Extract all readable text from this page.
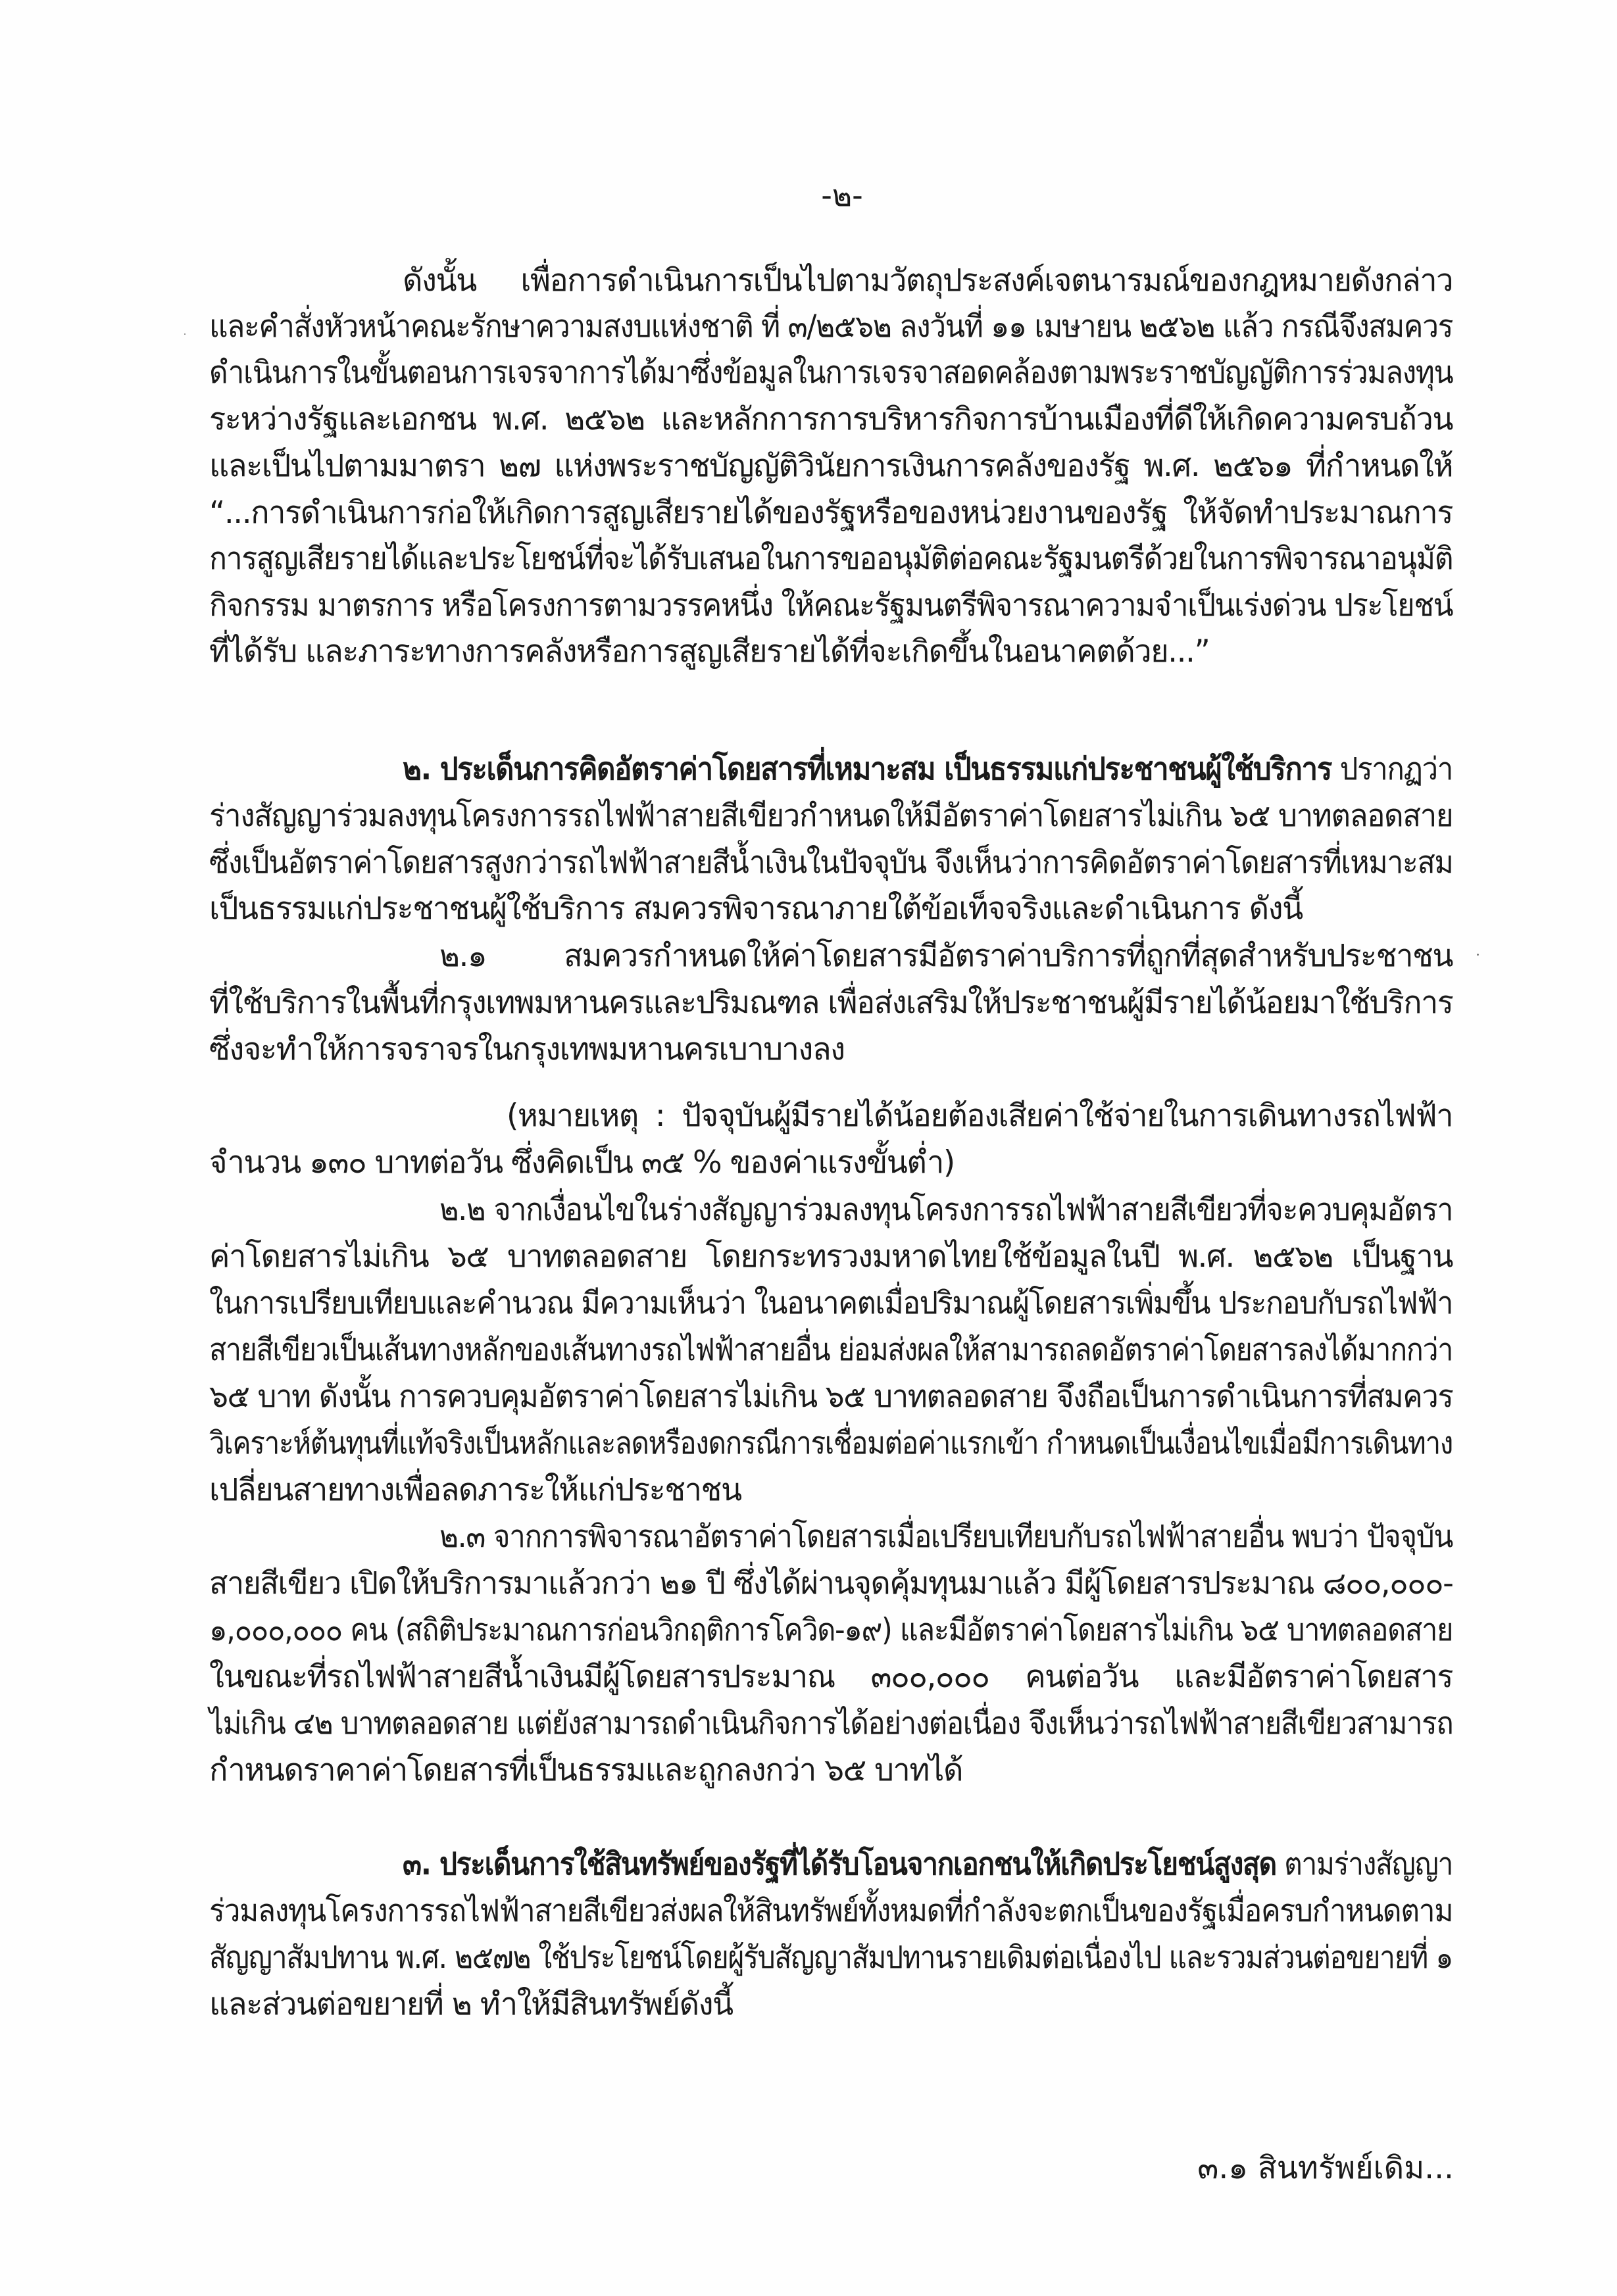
-๒-
ดังนั้น เพื่อการดำเนินการเป็นไปตามวัตถุประสงค์เจตนารมณ์ของกฎหมายดังกล่าว
และคำสั่งหัวหน้าคณะรักษาความสงบแห่งชาติ ที่ ๓/๒๕๖๒ ลงวันที่ ๑๑ เมษายน ๒๕๖๒ แล้ว กรณีจึงสมควร
ดำเนินการในขั้นตอนการเจรจาการได้มาซึ่งข้อมูลในการเจรจาสอดคล้องตามพระราชบัญญัติการร่วมลงทุน
ระหว่างรัฐและเอกชน พ.ศ. ๒๕๖๒ และหลักการการบริหารกิจการบ้านเมืองที่ดีให้เกิดความครบถ้วน
และเป็นไปตามมาตรา ๒๗ แห่งพระราชบัญญัติวินัยการเงินการคลังของรัฐ พ.ศ. ๒๕๖๑ ที่กำหนดให้
“...การดำเนินการก่อให้เกิดการสูญเสียรายได้ของรัฐหรือของหน่วยงานของรัฐ ให้จัดทำประมาณการ
การสูญเสียรายได้และประโยชน์ที่จะได้รับเสนอในการขออนุมัติต่อคณะรัฐมนตรีด้วยในการพิจารณาอนุมัติ
กิจกรรม มาตรการ หรือโครงการตามวรรคหนึ่ง ให้คณะรัฐมนตรีพิจารณาความจำเป็นเร่งด่วน ประโยชน์
ที่ได้รับ และภาระทางการคลังหรือการสูญเสียรายได้ที่จะเกิดขึ้นในอนาคตด้วย...”
๒. ประเด็นการคิดอัตราค่าโดยสารที่เหมาะสม เป็นธรรมแก่ประชาชนผู้ใช้บริการ ปรากฏว่า
ร่างสัญญาร่วมลงทุนโครงการรถไฟฟ้าสายสีเขียวกำหนดให้มีอัตราค่าโดยสารไม่เกิน ๖๕ บาทตลอดสาย
ซึ่งเป็นอัตราค่าโดยสารสูงกว่ารถไฟฟ้าสายสีน้ำเงินในปัจจุบัน จึงเห็นว่าการคิดอัตราค่าโดยสารที่เหมาะสม
เป็นธรรมแก่ประชาชนผู้ใช้บริการ สมควรพิจารณาภายใต้ข้อเท็จจริงและดำเนินการ ดังนี้
๒.๑ สมควรกำหนดให้ค่าโดยสารมีอัตราค่าบริการที่ถูกที่สุดสำหรับประชาชน
ที่ใช้บริการในพื้นที่กรุงเทพมหานครและปริมณฑล เพื่อส่งเสริมให้ประชาชนผู้มีรายได้น้อยมาใช้บริการ
ซึ่งจะทำให้การจราจรในกรุงเทพมหานครเบาบางลง
(หมายเหตุ : ปัจจุบันผู้มีรายได้น้อยต้องเสียค่าใช้จ่ายในการเดินทางรถไฟฟ้า
จำนวน ๑๓๐ บาทต่อวัน ซึ่งคิดเป็น ๓๕ % ของค่าแรงขั้นต่ำ)
๒.๒ จากเงื่อนไขในร่างสัญญาร่วมลงทุนโครงการรถไฟฟ้าสายสีเขียวที่จะควบคุมอัตรา
ค่าโดยสารไม่เกิน ๖๕ บาทตลอดสาย โดยกระทรวงมหาดไทยใช้ข้อมูลในปี พ.ศ. ๒๕๖๒ เป็นฐาน
ในการเปรียบเทียบและคำนวณ มีความเห็นว่า ในอนาคตเมื่อปริมาณผู้โดยสารเพิ่มขึ้น ประกอบกับรถไฟฟ้า
สายสีเขียวเป็นเส้นทางหลักของเส้นทางรถไฟฟ้าสายอื่น ย่อมส่งผลให้สามารถลดอัตราค่าโดยสารลงได้มากกว่า
๖๕ บาท ดังนั้น การควบคุมอัตราค่าโดยสารไม่เกิน ๖๕ บาทตลอดสาย จึงถือเป็นการดำเนินการที่สมควร
วิเคราะห์ต้นทุนที่แท้จริงเป็นหลักและลดหรืองดกรณีการเชื่อมต่อค่าแรกเข้า กำหนดเป็นเงื่อนไขเมื่อมีการเดินทาง
เปลี่ยนสายทางเพื่อลดภาระให้แก่ประชาชน
๒.๓ จากการพิจารณาอัตราค่าโดยสารเมื่อเปรียบเทียบกับรถไฟฟ้าสายอื่น พบว่า ปัจจุบัน
สายสีเขียว เปิดให้บริการมาแล้วกว่า ๒๑ ปี ซึ่งได้ผ่านจุดคุ้มทุนมาแล้ว มีผู้โดยสารประมาณ ๘๐๐,๐๐๐-
๑,๐๐๐,๐๐๐ คน (สถิติประมาณการก่อนวิกฤติการโควิด-๑๙) และมีอัตราค่าโดยสารไม่เกิน ๖๕ บาทตลอดสาย
ในขณะที่รถไฟฟ้าสายสีน้ำเงินมีผู้โดยสารประมาณ ๓๐๐,๐๐๐ คนต่อวัน และมีอัตราค่าโดยสาร
ไม่เกิน ๔๒ บาทตลอดสาย แต่ยังสามารถดำเนินกิจการได้อย่างต่อเนื่อง จึงเห็นว่ารถไฟฟ้าสายสีเขียวสามารถ
กำหนดราคาค่าโดยสารที่เป็นธรรมและถูกลงกว่า ๖๕ บาทได้
๓. ประเด็นการใช้สินทรัพย์ของรัฐที่ได้รับโอนจากเอกชนให้เกิดประโยชน์สูงสุด ตามร่างสัญญา
ร่วมลงทุนโครงการรถไฟฟ้าสายสีเขียวส่งผลให้สินทรัพย์ทั้งหมดที่กำลังจะตกเป็นของรัฐเมื่อครบกำหนดตาม
สัญญาสัมปทาน พ.ศ. ๒๕๗๒ ใช้ประโยชน์โดยผู้รับสัญญาสัมปทานรายเดิมต่อเนื่องไป และรวมส่วนต่อขยายที่ ๑
และส่วนต่อขยายที่ ๒ ทำให้มีสินทรัพย์ดังนี้
๓.๑ สินทรัพย์เดิม...
